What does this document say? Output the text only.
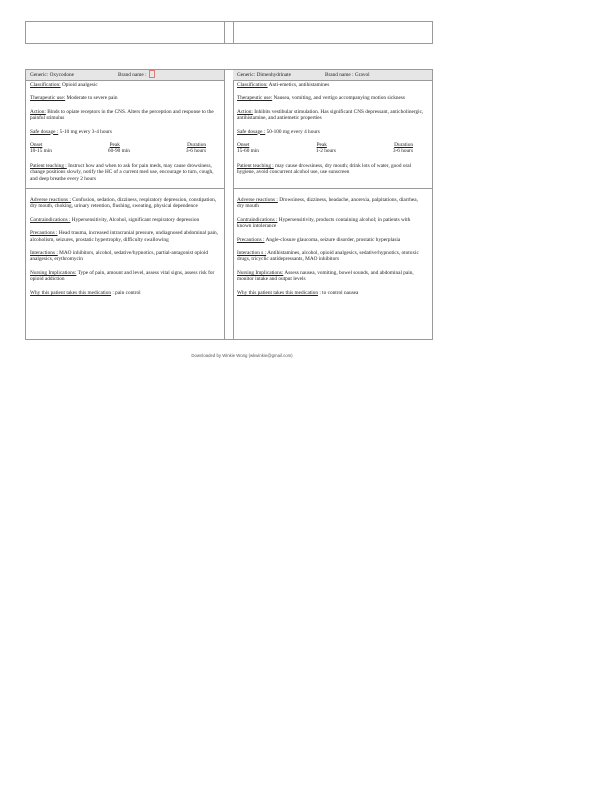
Generic: Oxycodone	Brand name :	Generic: Dimenhydrinate	Brand name : Gravol

Classification: Opioid analgesic

Therapeutic use: Moderate to severe pain

Action: Binds to opiate receptors in the CNS. Alters the perception and response to the painful stimulus

Safe dosage : 5-10 mg every 3-4 hours

Onset	Peak	Duration
10-15 min	60-90 min	3-6 hours

Patient teaching : Instruct how and when to ask for pain meds, may cause drowsiness, change positions slowly, notify the HC of a current med use, encourage to turn, cough, and deep breathe every 2 hours

Classification: Anti-emetics, antihistamines

Therapeutic use: Nausea, vomiting, and vertigo accompanying motion sickness

Action: Inhibits vestibular stimulation. Has significant CNS depressant, anticholinergic, antihistamine, and antiemetic properties

Safe dosage : 50-100 mg every 4 hours

Onset	Peak	Duration
15-60 min	1-2 hours	3-6 hours

Patient teaching : may cause drowsiness, dry mouth; drink lots of water, good oral hygiene, avoid concurrent alcohol use, use sunscreen

Adverse reactions : Confusion, sedation, dizziness, respiratory depression, constipation, dry mouth, choking, urinary retention, flushing, sweating, physical dependence

Contraindications : Hypersensitivity, Alcohol, significant respiratory depression

Precautions : Head trauma, increased intracranial pressure, undiagnosed abdominal pain, alcoholism, seizures, prostatic hypertrophy, difficulty swallowing

Interactions : MAO inhibitors, alcohol, sedative/hypnotics, partial-antagonist opioid analgesics, erythromycin

Nursing Implications: Type of pain, amount and level, assess vital signs, assess risk for opioid addiction

Why this patient takes this medication : pain control

Adverse reactions : Drowsiness, dizziness, headache, anorexia, palpitations, diarrhea, dry mouth

Contraindications : Hypersensitivity, products containing alcohol; in patients with known intolerance

Precautions : Angle-closure glaucoma, seizure disorder, prostatic hyperplasia

Interaction s : Antihistamines, alcohol, opioid analgesics, sedative/hypnotics, ototoxic drugs, tricyclic antidepressants, MAO inhibitors

Nursing Implications: Assess nausea, vomiting, bowel sounds, and abdominal pain, monitor intake and output levels

Why this patient takes this medication : to control nausea

Downloaded by Winkie Wong (wkwinkie@gmail.com)
